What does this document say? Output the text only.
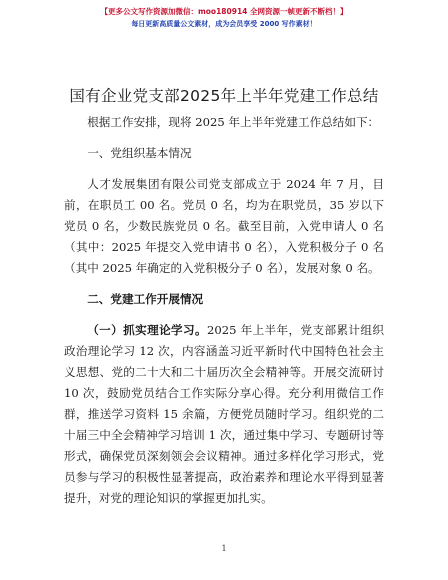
【更多公文写作资源加微信：moo180914 全网资源一帧更新不断档！】
每日更新高质量公文素材，成为会员享受 2000 写作素材！
国有企业党支部2025年上半年党建工作总结

根据工作安排，现将 2025 年上半年党建工作总结如下：

一、党组织基本情况

人才发展集团有限公司党支部成立于 2024 年 7 月，目前，在职员工 00 名。党员 0 名，均为在职党员，35 岁以下党员 0 名，少数民族党员 0 名。截至目前，入党申请人 0 名（其中：2025 年提交入党申请书 0 名），入党积极分子 0 名（其中 2025 年确定的入党积极分子 0 名），发展对象 0 名。

二、党建工作开展情况

（一）抓实理论学习。2025 年上半年，党支部累计组织政治理论学习 12 次，内容涵盖习近平新时代中国特色社会主义思想、党的二十大和二十届历次全会精神等。开展交流研讨 10 次，鼓励党员结合工作实际分享心得。充分利用微信工作群，推送学习资料 15 余篇，方便党员随时学习。组织党的二十届三中全会精神学习培训 1 次，通过集中学习、专题研讨等形式，确保党员深刻领会会议精神。通过多样化学习形式，党员参与学习的积极性显著提高，政治素养和理论水平得到显著提升，对党的理论知识的掌握更加扎实。

1
